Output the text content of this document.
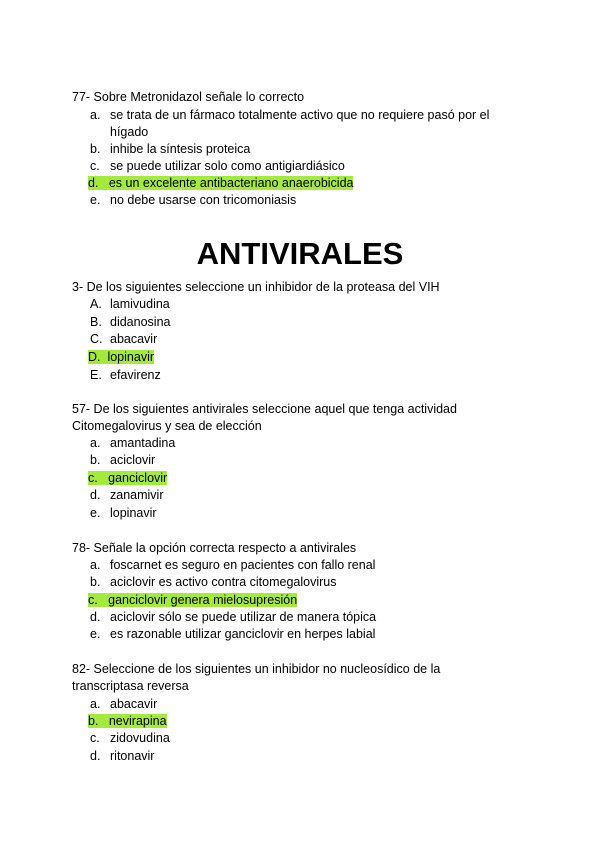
77- Sobre Metronidazol señale lo correcto
a. se trata de un fármaco totalmente activo que no requiere pasó por el
hígado
b. inhibe la síntesis proteica
c. se puede utilizar solo como antigiardiásico
d. es un excelente antibacteriano anaerobicida
e. no debe usarse con tricomoniasis
ANTIVIRALES
3- De los siguientes seleccione un inhibidor de la proteasa del VIH
A. lamivudina
B. didanosina
C. abacavir
D. lopinavir
E. efavirenz
57- De los siguientes antivirales seleccione aquel que tenga actividad
Citomegalovirus y sea de elección
a. amantadina
b. aciclovir
c. ganciclovir
d. zanamivir
e. lopinavir
78- Señale la opción correcta respecto a antivirales
a. foscarnet es seguro en pacientes con fallo renal
b. aciclovir es activo contra citomegalovirus
c. ganciclovir genera mielosupresión
d. aciclovir sólo se puede utilizar de manera tópica
e. es razonable utilizar ganciclovir en herpes labial
82- Seleccione de los siguientes un inhibidor no nucleosídico de la
transcriptasa reversa
a. abacavir
b. nevirapina
c. zidovudina
d. ritonavir
